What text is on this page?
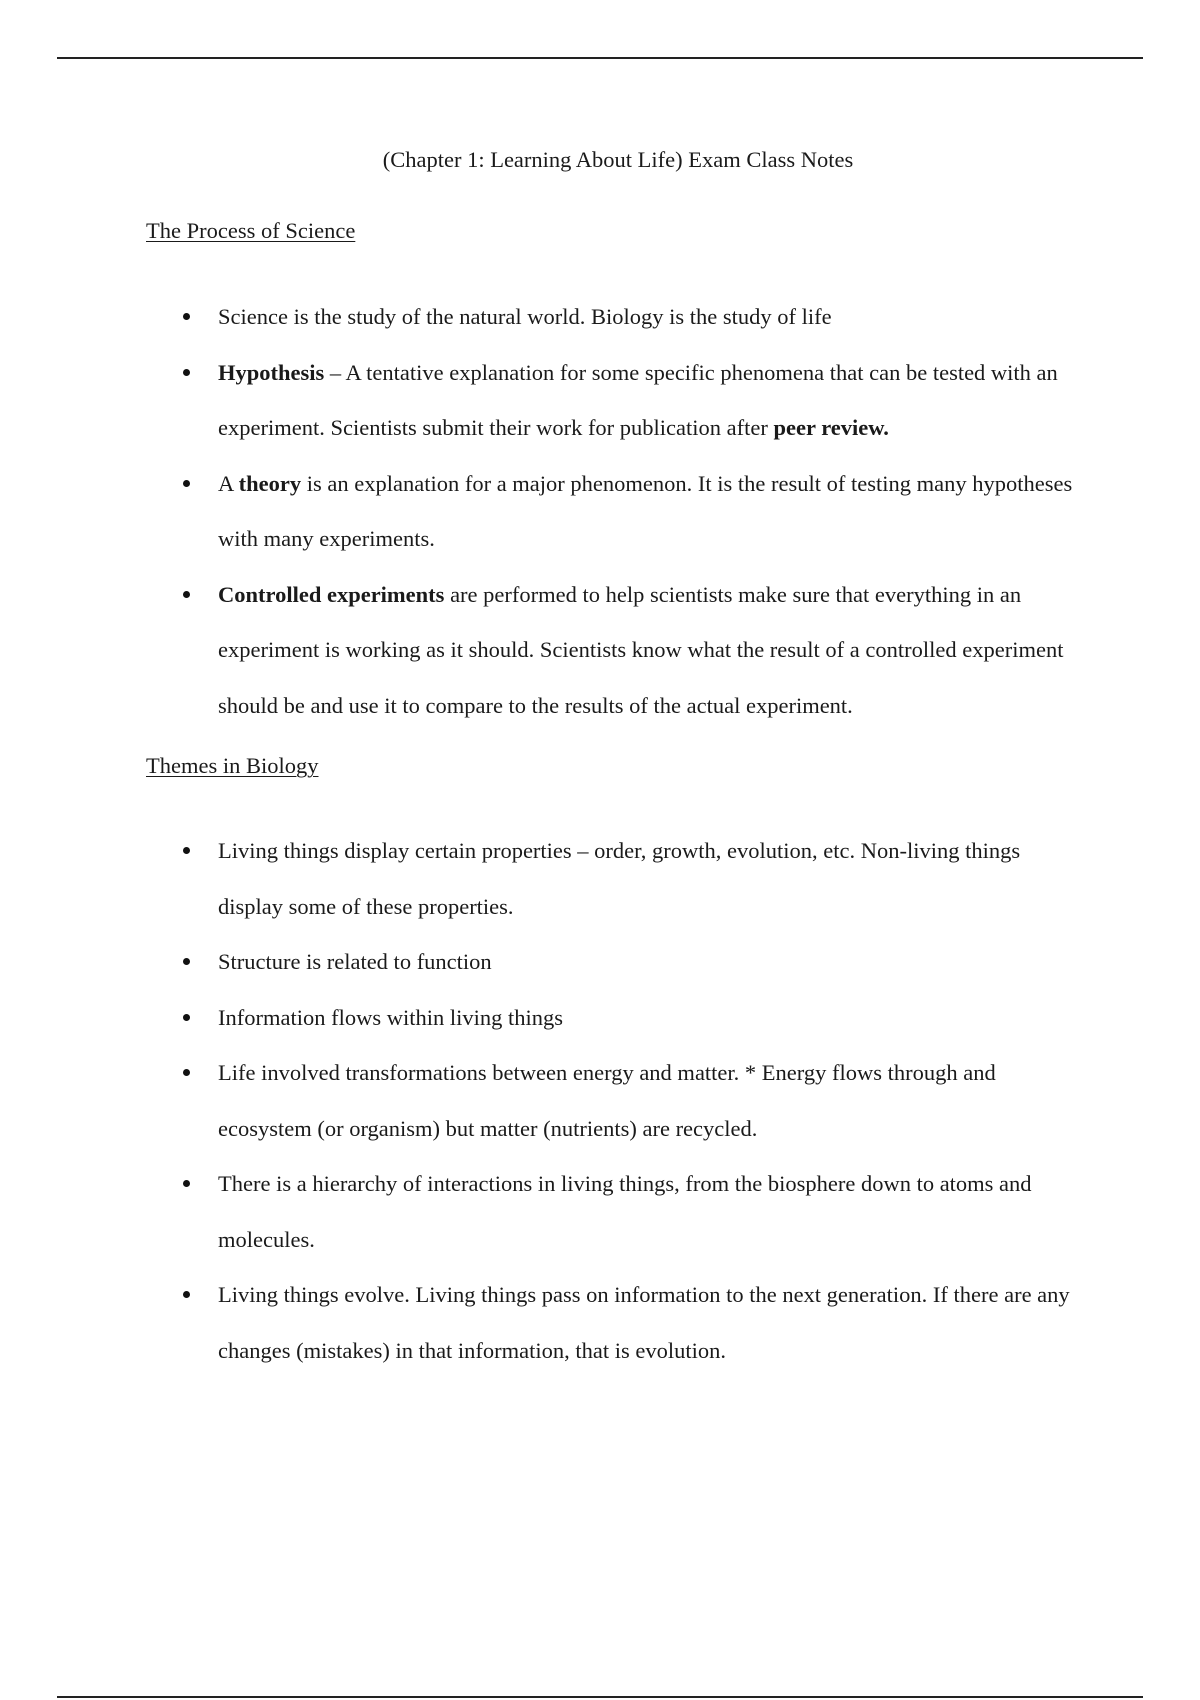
(Chapter 1: Learning About Life) Exam Class Notes
The Process of Science
Science is the study of the natural world. Biology is the study of life
Hypothesis – A tentative explanation for some specific phenomena that can be tested with an experiment. Scientists submit their work for publication after peer review.
A theory is an explanation for a major phenomenon. It is the result of testing many hypotheses with many experiments.
Controlled experiments are performed to help scientists make sure that everything in an experiment is working as it should. Scientists know what the result of a controlled experiment should be and use it to compare to the results of the actual experiment.
Themes in Biology
Living things display certain properties – order, growth, evolution, etc. Non-living things display some of these properties.
Structure is related to function
Information flows within living things
Life involved transformations between energy and matter. * Energy flows through and ecosystem (or organism) but matter (nutrients) are recycled.
There is a hierarchy of interactions in living things, from the biosphere down to atoms and molecules.
Living things evolve. Living things pass on information to the next generation. If there are any changes (mistakes) in that information, that is evolution.
